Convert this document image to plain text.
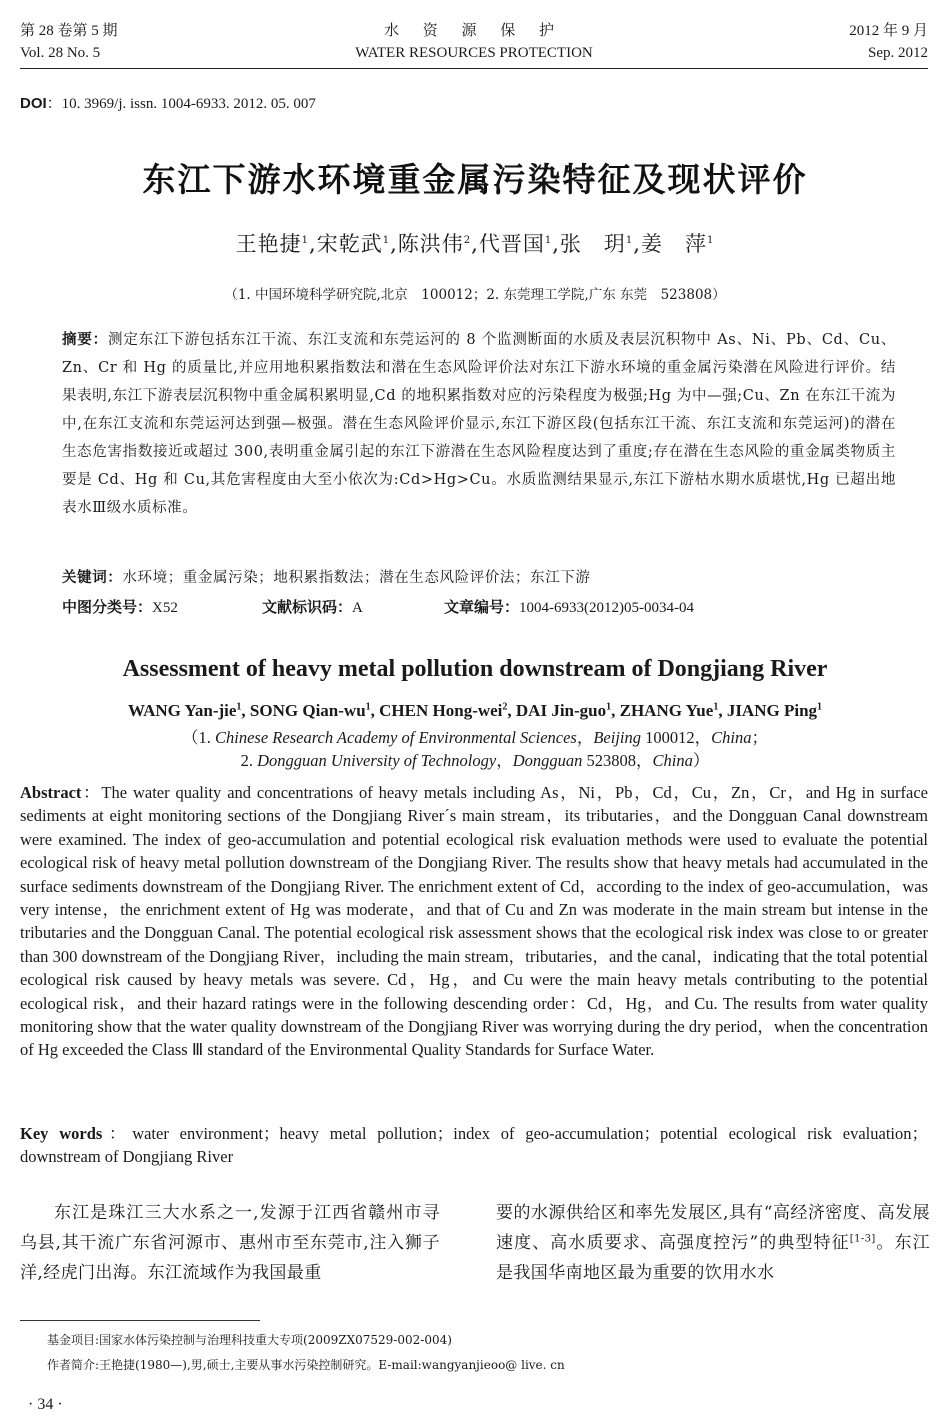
第 28 卷第 5 期
Vol. 28 No. 5
水 资 源 保 护
WATER RESOURCES PROTECTION
2012 年 9 月
Sep. 2012
DOI：10. 3969/j. issn. 1004-6933. 2012. 05. 007
东江下游水环境重金属污染特征及现状评价
王艳捷$^1$,宋乾武$^1$,陈洪伟$^2$,代晋国$^1$,张　玥$^1$,姜　萍$^1$
（1. 中国环境科学研究院,北京　100012；2. 东莞理工学院,广东 东莞　523808）
摘要：测定东江下游包括东江干流、东江支流和东莞运河的 8 个监测断面的水质及表层沉积物中 As、Ni、Pb、Cd、Cu、Zn、Cr 和 Hg 的质量比,并应用地积累指数法和潜在生态风险评价法对东江下游水环境的重金属污染潜在风险进行评价。结果表明,东江下游表层沉积物中重金属积累明显,Cd 的地积累指数对应的污染程度为极强;Hg 为中—强;Cu、Zn 在东江干流为中,在东江支流和东莞运河达到强—极强。潜在生态风险评价显示,东江下游区段(包括东江干流、东江支流和东莞运河)的潜在生态危害指数接近或超过 300,表明重金属引起的东江下游潜在生态风险程度达到了重度;存在潜在生态风险的重金属类物质主要是 Cd、Hg 和 Cu,其危害程度由大至小依次为:Cd>Hg>Cu。水质监测结果显示,东江下游枯水期水质堪忧,Hg 已超出地表水Ⅲ级水质标准。
关键词：水环境；重金属污染；地积累指数法；潜在生态风险评价法；东江下游
中图分类号：X52	文献标识码：A	文章编号：1004-6933(2012)05-0034-04
Assessment of heavy metal pollution downstream of Dongjiang River
WANG Yan-jie$^1$, SONG Qian-$wu^1$, CHEN Hong-wei$^2$, DAI Jin-guo$^1$, ZHANG Yue$^1$, JIANG Ping$^1$
（1. Chinese Research Academy of Environmental Sciences，Beijing 100012，China；
2. Dongguan University of Technology，Dongguan 523808，China）
Abstract：The water quality and concentrations of heavy metals including As，Ni，Pb，Cd，Cu，Zn，Cr，and Hg in surface sediments at eight monitoring sections of the Dongjiang River´s main stream，its tributaries，and the Dongguan Canal downstream were examined. The index of geo-accumulation and potential ecological risk evaluation methods were used to evaluate the potential ecological risk of heavy metal pollution downstream of the Dongjiang River. The results show that heavy metals had accumulated in the surface sediments downstream of the Dongjiang River. The enrichment extent of Cd，according to the index of geo-accumulation，was very intense，the enrichment extent of Hg was moderate，and that of Cu and Zn was moderate in the main stream but intense in the tributaries and the Dongguan Canal. The potential ecological risk assessment shows that the ecological risk index was close to or greater than 300 downstream of the Dongjiang River，including the main stream，tributaries，and the canal，indicating that the total potential ecological risk caused by heavy metals was severe. Cd，Hg，and Cu were the main heavy metals contributing to the potential ecological risk，and their hazard ratings were in the following descending order：Cd，Hg，and Cu. The results from water quality monitoring show that the water quality downstream of the Dongjiang River was worrying during the dry period，when the concentration of Hg exceeded the Class Ⅲ standard of the Environmental Quality Standards for Surface Water.
Key words：water environment；heavy metal pollution；index of geo-accumulation；potential ecological risk evaluation；downstream of Dongjiang River
东江是珠江三大水系之一,发源于江西省赣州市寻乌县,其干流广东省河源市、惠州市至东莞市,注入狮子洋,经虎门出海。东江流域作为我国最重
要的水源供给区和率先发展区,具有“高经济密度、高发展速度、高水质要求、高强度控污”的典型特征[1-3]。东江是我国华南地区最为重要的饮用水水
基金项目:国家水体污染控制与治理科技重大专项(2009ZX07529-002-004)
作者简介:王艳捷(1980—),男,硕士,主要从事水污染控制研究。E-mail:wangyanjieoo@ live. cn
· 34 ·
